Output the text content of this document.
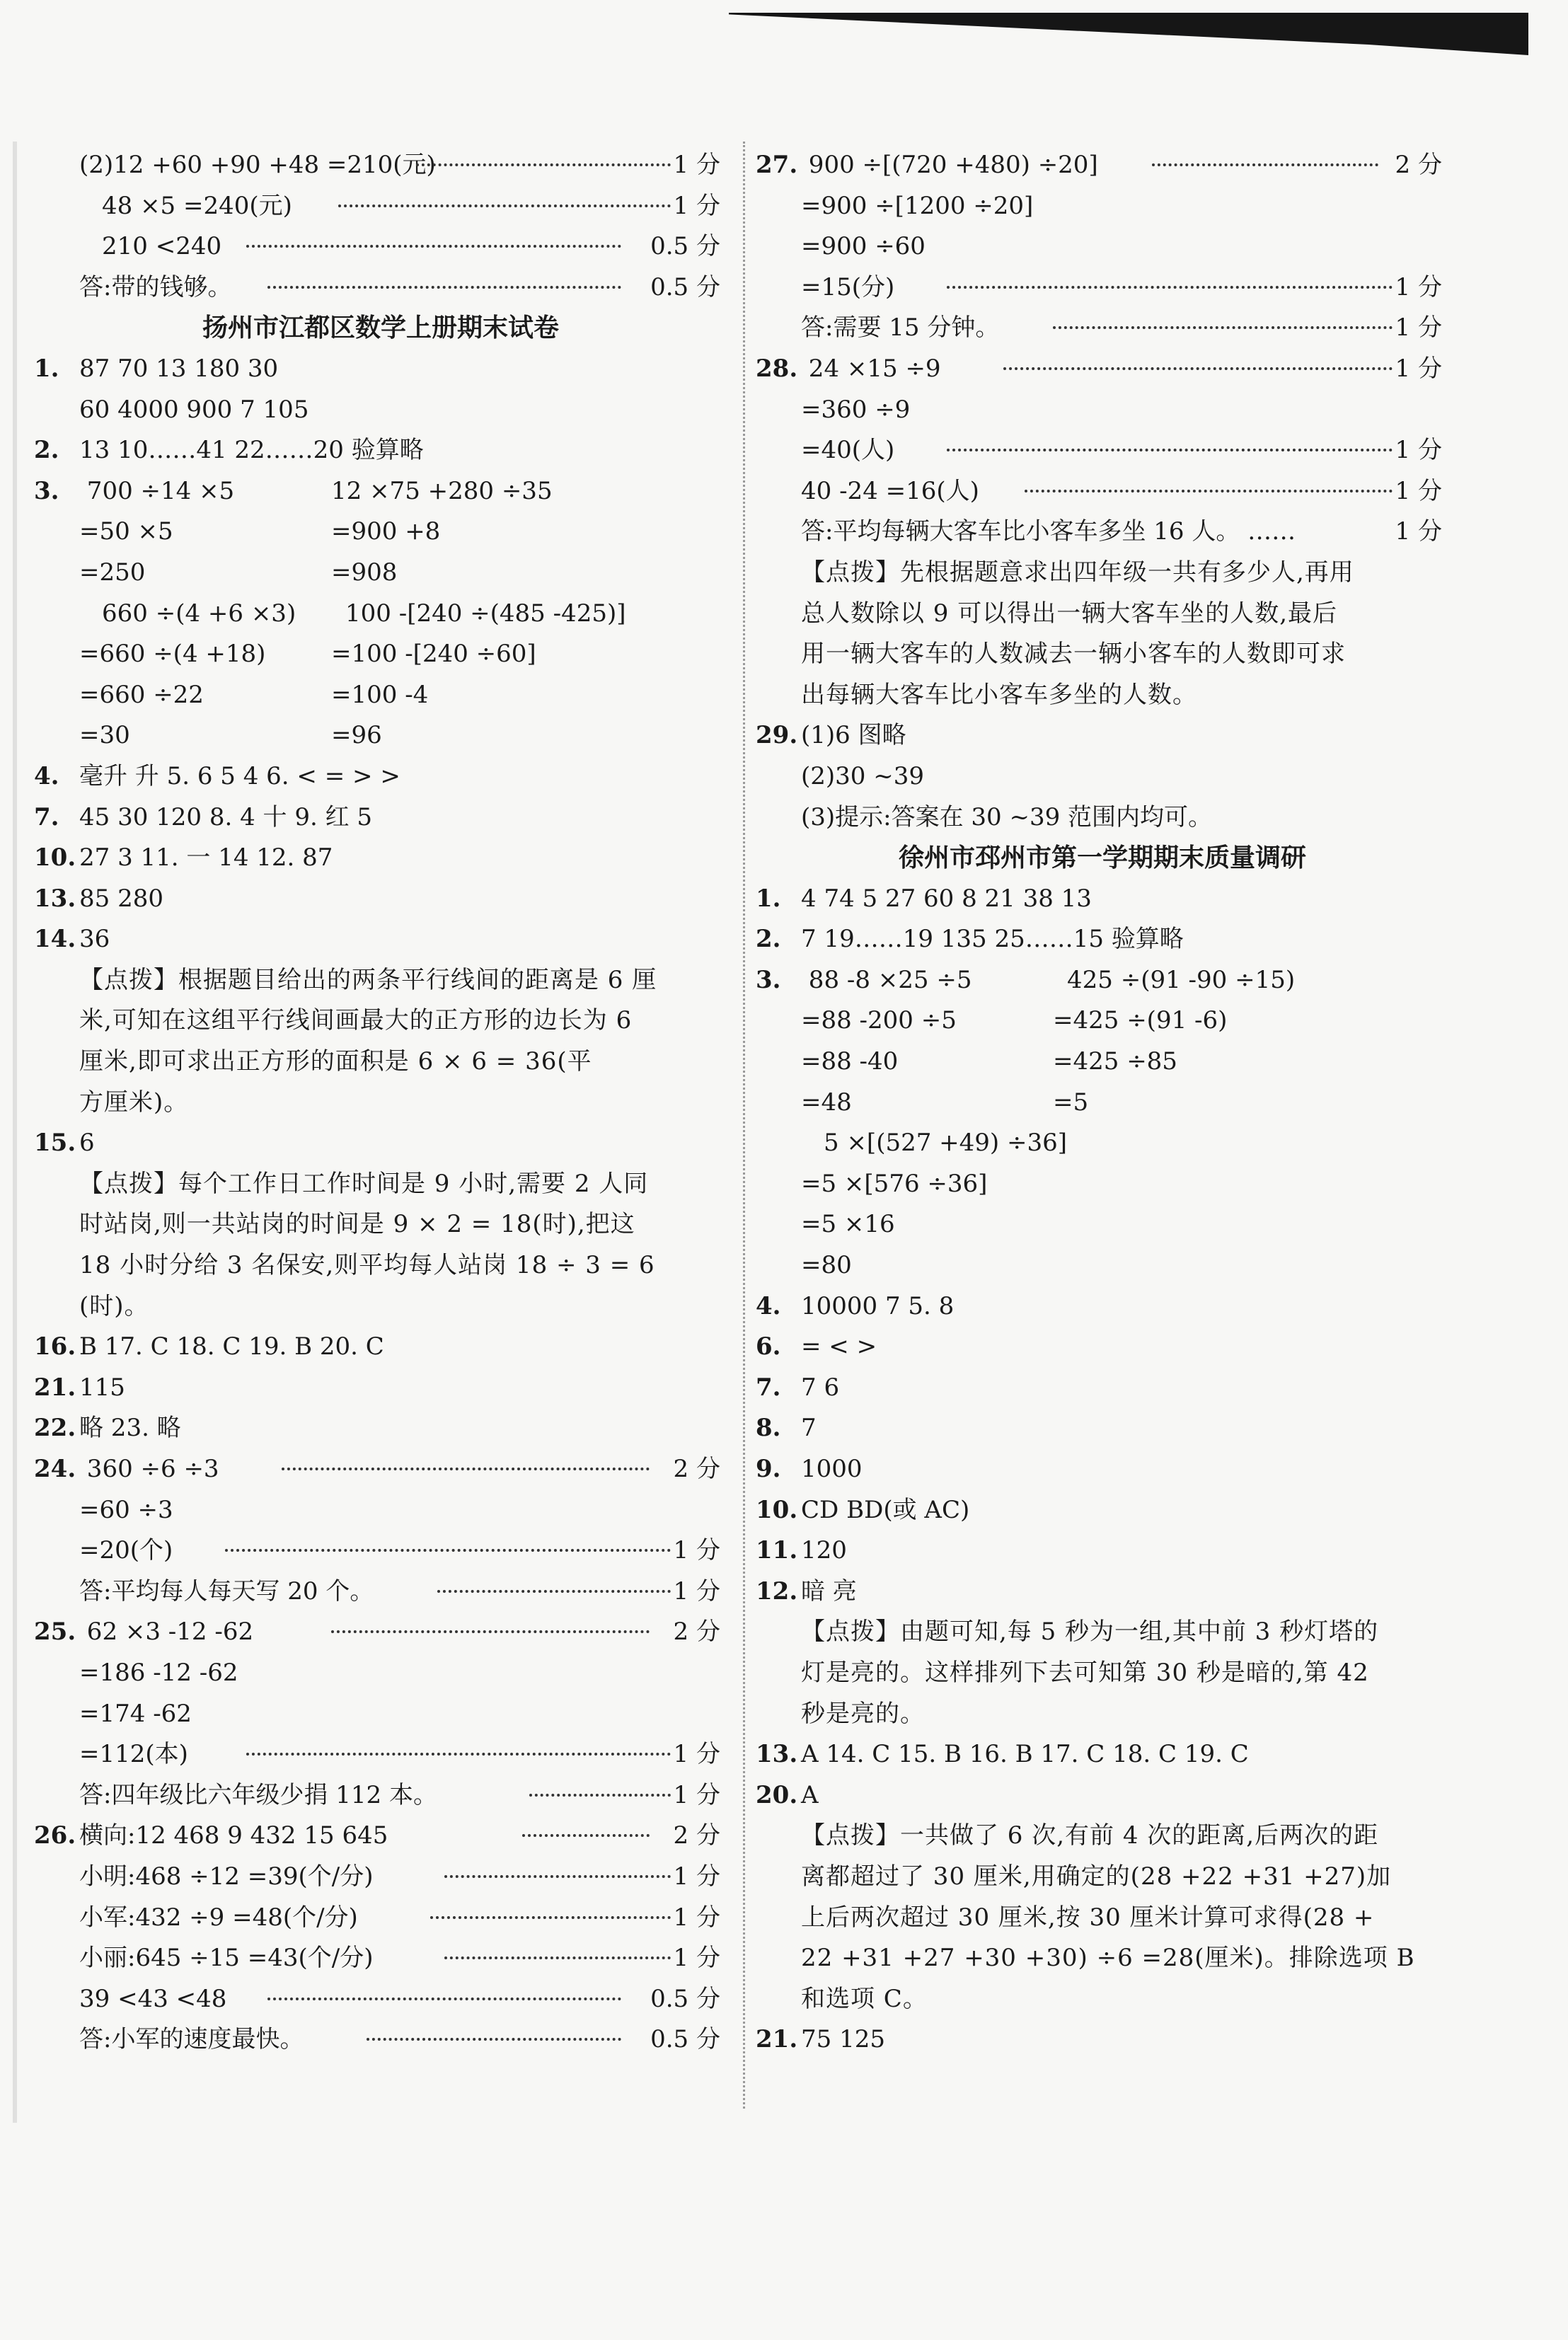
(2)12 +60 +90 +48 =210(元)	1 分
48 ×5 =240(元)	1 分
210 <240	0.5 分
答:带的钱够。	0.5 分
扬州市江都区数学上册期末试卷
1. 87 70 13 180 30
60 4000 900 7 105
2. 13 10……41 22……20 验算略
3. 700 ÷14 ×5	12 ×75 +280 ÷35
=50 ×5	=900 +8
=250	=908
660 ÷(4 +6 ×3) 100 -[240 ÷(485 -425)]
=660 ÷(4 +18)	=100 -[240 ÷60]
=660 ÷22	=100 -4
=30	=96
4. 毫升 升 5. 6 5 4 6. < = > >
7. 45 30 120 8. 4 十 9. 红 5
10. 27 3 11. 一 14 12. 87
13. 85 280
14. 36
【点拨】根据题目给出的两条平行线间的距离是 6 厘
米,可知在这组平行线间画最大的正方形的边长为 6
厘米,即可求出正方形的面积是 6 × 6 = 36(平
方厘米)。
15. 6
【点拨】每个工作日工作时间是 9 小时,需要 2 人同
时站岗,则一共站岗的时间是 9 × 2 = 18(时),把这
18 小时分给 3 名保安,则平均每人站岗 18 ÷ 3 = 6
(时)。
16. B 17. C 18. C 19. B 20. C
21. 115
22. 略 23. 略
24. 360 ÷6 ÷3	2 分
=60 ÷3
=20(个)	1 分
答:平均每人每天写 20 个。	1 分
25. 62 ×3 -12 -62	2 分
=186 -12 -62
=174 -62
=112(本)	1 分
答:四年级比六年级少捐 112 本。	1 分
26. 横向:12 468 9 432 15 645	2 分
小明:468 ÷12 =39(个/分)	1 分
小军:432 ÷9 =48(个/分)	1 分
小丽:645 ÷15 =43(个/分)	1 分
39 <43 <48	0.5 分
答:小军的速度最快。	0.5 分
27. 900 ÷[(720 +480) ÷20]	2 分
=900 ÷[1200 ÷20]
=900 ÷60
=15(分)	1 分
答:需要 15 分钟。	1 分
28. 24 ×15 ÷9	1 分
=360 ÷9
=40(人)	1 分
40 -24 =16(人)	1 分
答:平均每辆大客车比小客车多坐 16 人。 ……	1 分
【点拨】先根据题意求出四年级一共有多少人,再用
总人数除以 9 可以得出一辆大客车坐的人数,最后
用一辆大客车的人数减去一辆小客车的人数即可求
出每辆大客车比小客车多坐的人数。
29. (1)6 图略
(2)30 ~39
(3)提示:答案在 30 ~39 范围内均可。
徐州市邳州市第一学期期末质量调研
1. 4 74 5 27 60 8 21 38 13
2. 7 19……19 135 25……15 验算略
3. 88 -8 ×25 ÷5	425 ÷(91 -90 ÷15)
=88 -200 ÷5	=425 ÷(91 -6)
=88 -40	=425 ÷85
=48	=5
5 ×[(527 +49) ÷36]
=5 ×[576 ÷36]
=5 ×16
=80
4. 10000 7 5. 8
6. = < >
7. 7 6
8. 7
9. 1000
10. CD BD(或 AC)
11. 120
12. 暗 亮
【点拨】由题可知,每 5 秒为一组,其中前 3 秒灯塔的
灯是亮的。这样排列下去可知第 30 秒是暗的,第 42
秒是亮的。
13. A 14. C 15. B 16. B 17. C 18. C 19. C
20. A
【点拨】一共做了 6 次,有前 4 次的距离,后两次的距
离都超过了 30 厘米,用确定的(28 +22 +31 +27)加
上后两次超过 30 厘米,按 30 厘米计算可求得(28 +
22 +31 +27 +30 +30) ÷6 =28(厘米)。排除选项 B
和选项 C。
21. 75 125
